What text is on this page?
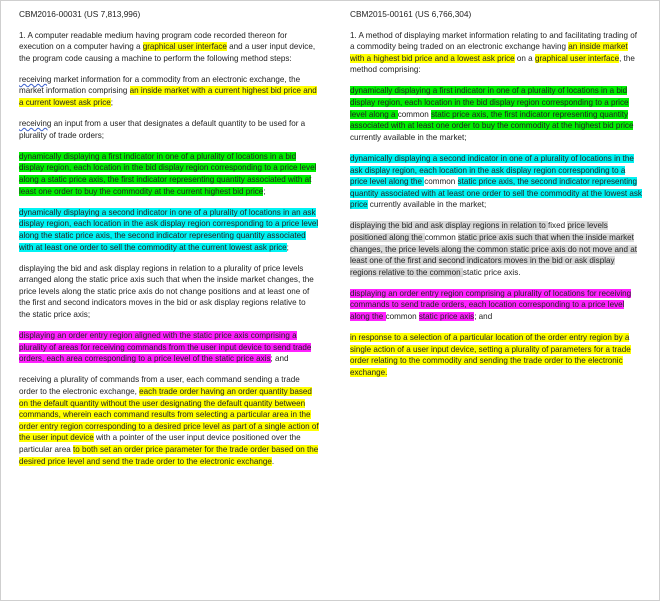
CBM2016-00031 (US 7,813,996)

1. A computer readable medium having program code recorded thereon for execution on a computer having a graphical user interface and a user input device, the program code causing a machine to perform the following method steps:

receiving market information for a commodity from an electronic exchange, the market information comprising an inside market with a current highest bid price and a current lowest ask price;

receiving an input from a user that designates a default quantity to be used for a plurality of trade orders;

dynamically displaying a first indicator in one of a plurality of locations in a bid display region, each location in the bid display region corresponding to a price level along a static price axis, the first indicator representing quantity associated with at least one order to buy the commodity at the current highest bid price;

dynamically displaying a second indicator in one of a plurality of locations in an ask display region, each location in the ask display region corresponding to a price level along the static price axis, the second indicator representing quantity associated with at least one order to sell the commodity at the current lowest ask price;

displaying the bid and ask display regions in relation to a plurality of price levels arranged along the static price axis such that when the inside market changes, the price levels along the static price axis do not change positions and at least one of the first and second indicators moves in the bid or ask display regions relative to the static price axis;

displaying an order entry region aligned with the static price axis comprising a plurality of areas for receiving commands from the user input device to send trade orders, each area corresponding to a price level of the static price axis; and

receiving a plurality of commands from a user, each command sending a trade order to the electronic exchange, each trade order having an order quantity based on the default quantity without the user designating the default quantity between commands, wherein each command results from selecting a particular area in the order entry region corresponding to a desired price level as part of a single action of the user input device with a pointer of the user input device positioned over the particular area to both set an order price parameter for the trade order based on the desired price level and send the trade order to the electronic exchange.

CBM2015-00161 (US 6,766,304)

1. A method of displaying market information relating to and facilitating trading of a commodity being traded on an electronic exchange having an inside market with a highest bid price and a lowest ask price on a graphical user interface, the method comprising:

dynamically displaying a first indicator in one of a plurality of locations in a bid display region, each location in the bid display region corresponding to a price level along a common static price axis, the first indicator representing quantity associated with at least one order to buy the commodity at the highest bid price currently available in the market;

dynamically displaying a second indicator in one of a plurality of locations in the ask display region, each location in the ask display region corresponding to a price level along the common static price axis, the second indicator representing quantity associated with at least one order to sell the commodity at the lowest ask price currently available in the market;

displaying the bid and ask display regions in relation to fixed price levels positioned along the common static price axis such that when the inside market changes, the price levels along the common static price axis do not move and at least one of the first and second indicators moves in the bid or ask display regions relative to the common static price axis.

displaying an order entry region comprising a plurality of locations for receiving commands to send trade orders, each location corresponding to a price level along the common static price axis; and

in response to a selection of a particular location of the order entry region by a single action of a user input device, setting a plurality of parameters for a trade order relating to the commodity and sending the trade order to the electronic exchange.
